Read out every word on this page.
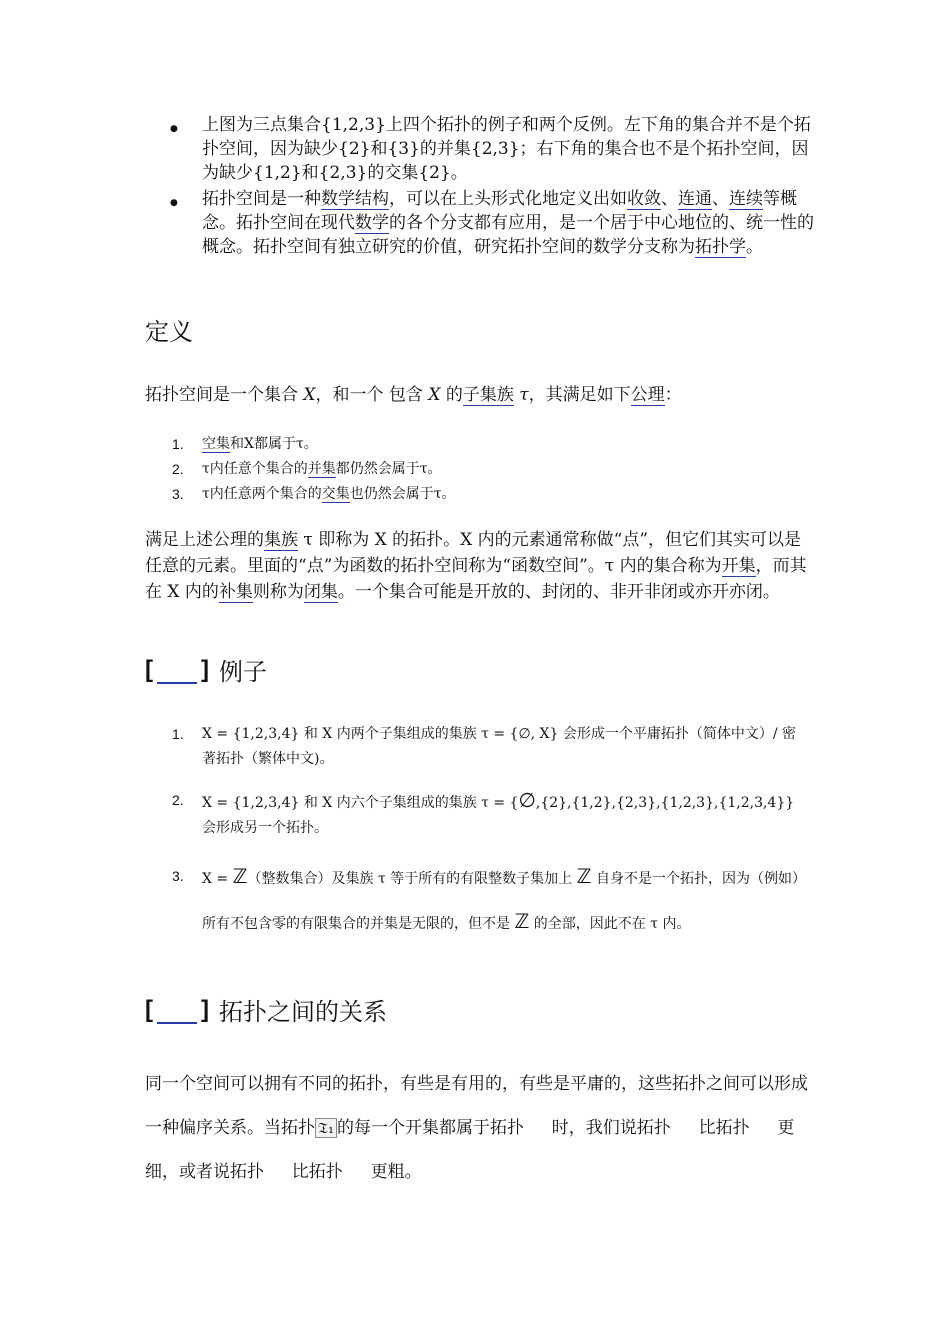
● 上图为三点集合{1,2,3}上四个拓扑的例子和两个反例。左下角的集合并不是个拓扑空间，因为缺少{2}和{3}的并集{2,3}；右下角的集合也不是个拓扑空间，因为缺少{1,2}和{2,3}的交集{2}。
● 拓扑空间是一种数学结构，可以在上头形式化地定义出如收敛、连通、连续等概念。拓扑空间在现代数学的各个分支都有应用，是一个居于中心地位的、统一性的概念。拓扑空间有独立研究的价值，研究拓扑空间的数学分支称为拓扑学。
定义

拓扑空间是一个集合 X，和一个 包含 X 的子集族 τ，其满足如下公理：

1. 空集和X都属于τ。
2. τ内任意个集合的并集都仍然会属于τ。
3. τ内任意两个集合的交集也仍然会属于τ。

满足上述公理的集族 τ 即称为 X 的拓扑。X 内的元素通常称做“点”，但它们其实可以是任意的元素。里面的“点”为函数的拓扑空间称为“函数空间”。τ 内的集合称为开集，而其在 X 内的补集则称为闭集。一个集合可能是开放的、封闭的、非开非闭或亦开亦闭。

[ ] 例子
1. X = {1,2,3,4} 和 X 内两个子集组成的集族 τ = {∅, X} 会形成一个平庸拓扑（简体中文）/ 密著拓扑（繁体中文)。
2. X = {1,2,3,4} 和 X 内六个子集组成的集族 τ = {∅,{2},{1,2},{2,3},{1,2,3},{1,2,3,4}} 会形成另一个拓扑。
3. X = ℤ（整数集合）及集族 τ 等于所有的有限整数子集加上 ℤ 自身不是一个拓扑，因为（例如）所有不包含零的有限集合的并集是无限的，但不是 ℤ 的全部，因此不在 τ 内。
[ ] 拓扑之间的关系

同一个空间可以拥有不同的拓扑，有些是有用的，有些是平庸的，这些拓扑之间可以形成一种偏序关系。当拓扑 𝔗₁ 的每一个开集都属于拓扑 　 时，我们说拓扑 　 比拓扑 　 更细，或者说拓扑 　 比拓扑 　 更粗。
